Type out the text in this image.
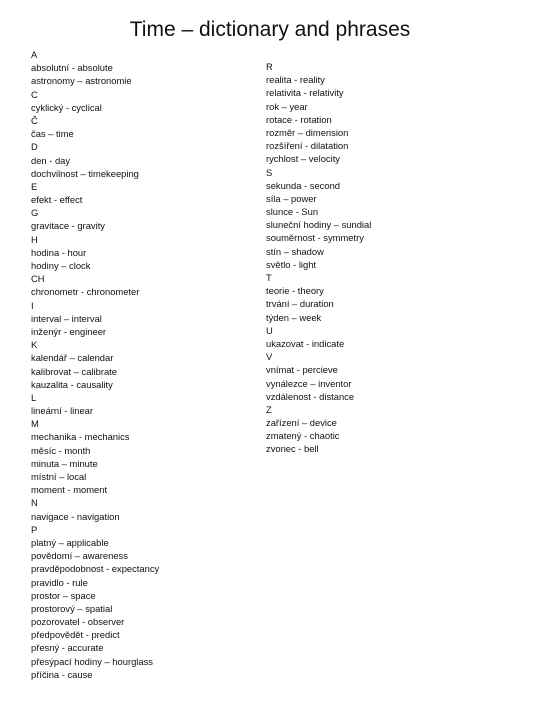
Time – dictionary and phrases
A
absolutní - absolute
astronomy – astronomie
C
cyklický - cyclical
Č
čas – time
D
den - day
dochvilnost – timekeeping
E
efekt - effect
G
gravitace - gravity
H
hodina - hour
hodiny – clock
CH
chronometr - chronometer
I
interval – interval
inženýr - engineer
K
kalendář – calendar
kalibrovat – calibrate
kauzalita - causality
L
lineární - linear
M
mechanika - mechanics
měsíc - month
minuta – minute
místní – local
moment - moment
N
navigace - navigation
P
platný – applicable
povědomí – awareness
pravděpodobnost - expectancy
pravidlo - rule
prostor – space
prostorový – spatial
pozorovatel - observer
předpovědět - predict
přesný - accurate
přesýpací hodiny – hourglass
příčina - cause
R
realita - reality
relativita - relativity
rok – year
rotace - rotation
rozměr – dimension
rozšíření - dilatation
rychlost – velocity
S
sekunda - second
síla – power
slunce - Sun
sluneční hodiny – sundial
souměrnost - symmetry
stín – shadow
světlo - light
T
teorie - theory
trvání – duration
týden – week
U
ukazovat - indicate
V
vnímat - percieve
vynálezce – inventor
vzdálenost - distance
Z
zařízení – device
zmatený - chaotic
zvonec - bell
